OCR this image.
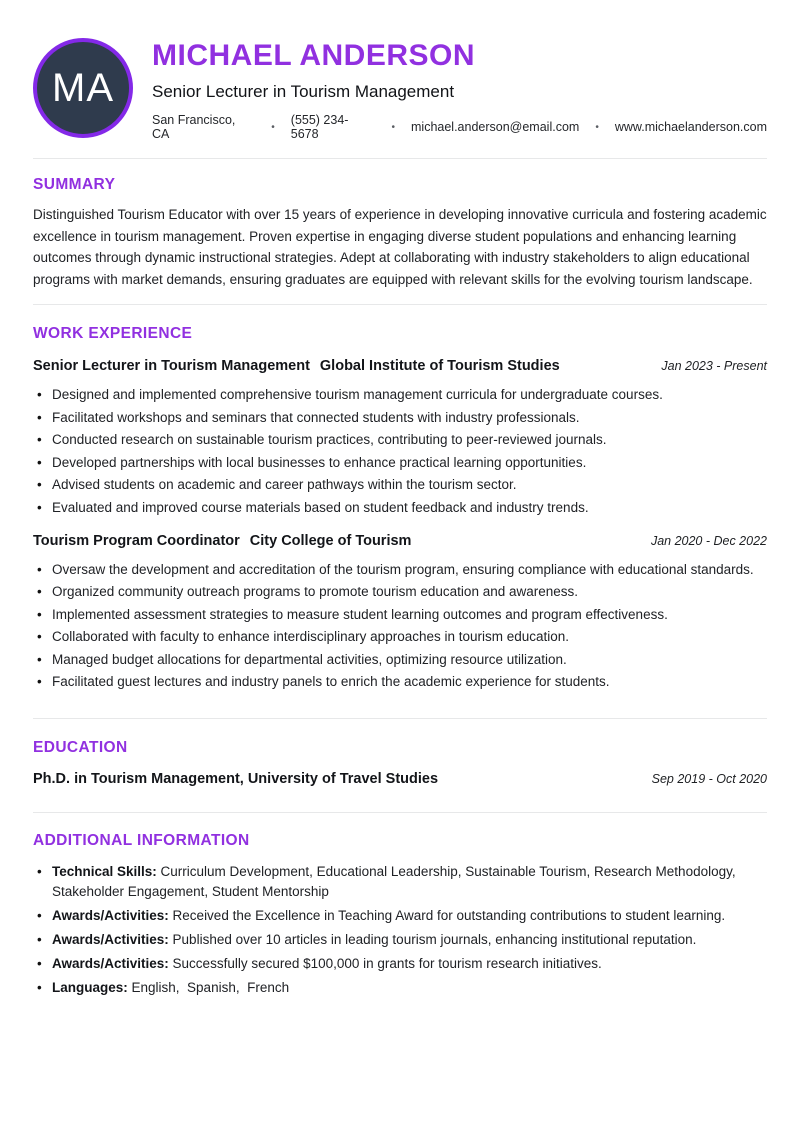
MA
MICHAEL ANDERSON
Senior Lecturer in Tourism Management
San Francisco, CA	• (555) 234-5678	• michael.anderson@email.com • www.michaelanderson.com
SUMMARY

Distinguished Tourism Educator with over 15 years of experience in developing innovative curricula and fostering academic excellence in tourism management. Proven expertise in engaging diverse student populations and enhancing learning outcomes through dynamic instructional strategies. Adept at collaborating with industry stakeholders to align educational programs with market demands, ensuring graduates are equipped with relevant skills for the evolving tourism landscape.

WORK EXPERIENCE
Senior Lecturer in Tourism Management Global Institute of Tourism Studies	Jan 2023 - Present
• Designed and implemented comprehensive tourism management curricula for undergraduate courses.
• Facilitated workshops and seminars that connected students with industry professionals.
• Conducted research on sustainable tourism practices, contributing to peer-reviewed journals.
• Developed partnerships with local businesses to enhance practical learning opportunities.
• Advised students on academic and career pathways within the tourism sector.
• Evaluated and improved course materials based on student feedback and industry trends.
Tourism Program Coordinator City College of Tourism	Jan 2020 - Dec 2022
• Oversaw the development and accreditation of the tourism program, ensuring compliance with educational standards.
• Organized community outreach programs to promote tourism education and awareness.
• Implemented assessment strategies to measure student learning outcomes and program effectiveness.
• Collaborated with faculty to enhance interdisciplinary approaches in tourism education.
• Managed budget allocations for departmental activities, optimizing resource utilization.
• Facilitated guest lectures and industry panels to enrich the academic experience for students.
EDUCATION
Ph.D. in Tourism Management, University of Travel Studies	Sep 2019 - Oct 2020
ADDITIONAL INFORMATION
• Technical Skills: Curriculum Development, Educational Leadership, Sustainable Tourism, Research Methodology, Stakeholder Engagement, Student Mentorship
• Awards/Activities: Received the Excellence in Teaching Award for outstanding contributions to student learning.
• Awards/Activities: Published over 10 articles in leading tourism journals, enhancing institutional reputation.
• Awards/Activities: Successfully secured $100,000 in grants for tourism research initiatives.
• Languages: English,  Spanish,  French
